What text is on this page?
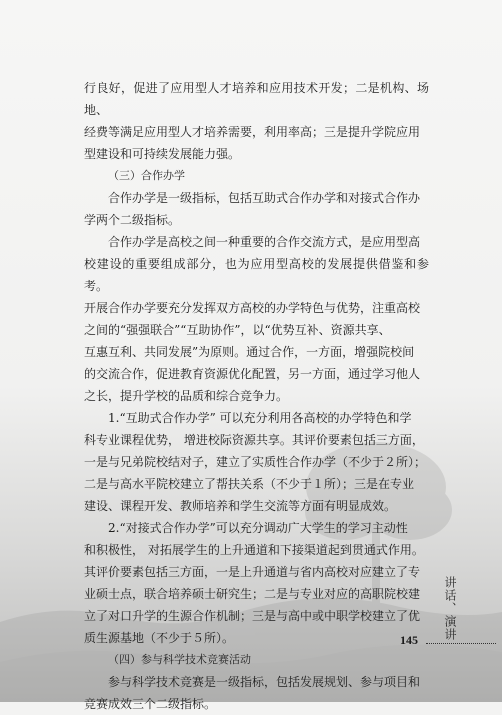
行良好，促进了应用型人才培养和应用技术开发；二是机构、场地、

经费等满足应用型人才培养需要，利用率高；三是提升学院应用

型建设和可持续发展能力强。

（三）合作办学

合作办学是一级指标，包括互助式合作办学和对接式合作办

学两个二级指标。

合作办学是高校之间一种重要的合作交流方式，是应用型高

校建设的重要组成部分，也为应用型高校的发展提供借鉴和参考。

开展合作办学要充分发挥双方高校的办学特色与优势，注重高校

之间的“强强联合”“互助协作”，以“优势互补、资源共享、

互惠互利、共同发展”为原则。通过合作，一方面，增强院校间

的交流合作，促进教育资源优化配置，另一方面，通过学习他人

之长，提升学校的品质和综合竞争力。

1.“互助式合作办学” 可以充分利用各高校的办学特色和学

科专业课程优势， 增进校际资源共享。其评价要素包括三方面，

一是与兄弟院校结对子，建立了实质性合作办学（不少于２所）；

二是与高水平院校建立了帮扶关系（不少于１所）；三是在专业

建设、课程开发、教师培养和学生交流等方面有明显成效。

2.“对接式合作办学”可以充分调动广大学生的学习主动性

和积极性， 对拓展学生的上升通道和下接渠道起到贯通式作用。

其评价要素包括三方面，一是上升通道与省内高校对应建立了专

业硕士点，联合培养硕士研究生；二是与专业对应的高职院校建

立了对口升学的生源合作机制；三是与高中或中职学校建立了优

质生源基地（不少于５所）。

（四）参与科学技术竞赛活动

参与科学技术竞赛是一级指标，包括发展规划、参与项目和

竞赛成效三个二级指标。

讲话、演讲
145
